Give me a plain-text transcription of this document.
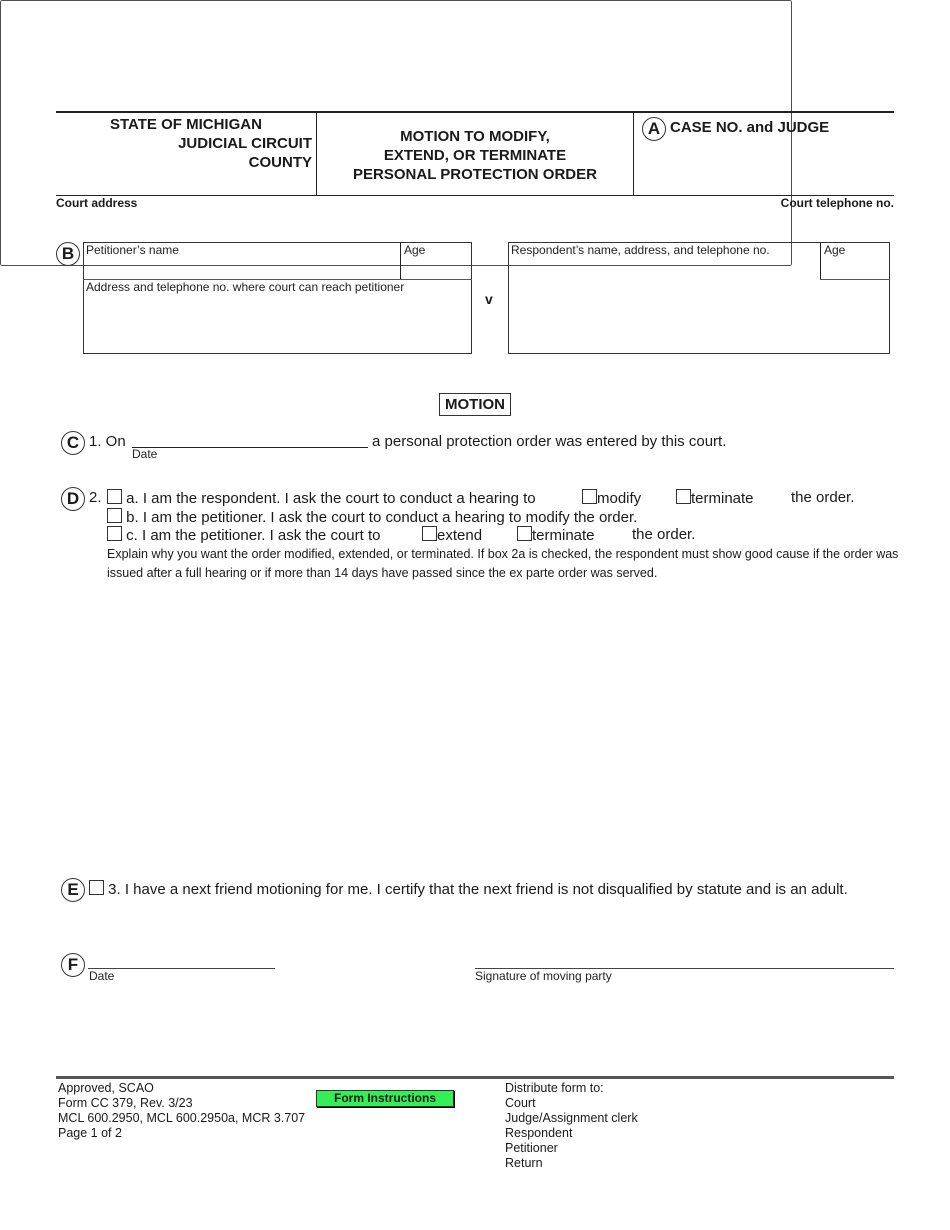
STATE OF MICHIGAN
JUDICIAL CIRCUIT
COUNTY
MOTION TO MODIFY,
EXTEND, OR TERMINATE
PERSONAL PROTECTION ORDER
A CASE NO. and JUDGE
Court address	Court telephone no.
B Petitioner’s name	Age
Address and telephone no. where court can reach petitioner
v
Respondent’s name, address, and telephone no.	Age
MOTION
C 1. On
Date
a personal protection order was entered by this court.
D 2.	a. I am the respondent. I ask the court to conduct a hearing to	modify	terminate the order.
b. I am the petitioner. I ask the court to conduct a hearing to modify the order.
c. I am the petitioner. I ask the court to	extend	terminate the order.
Explain why you want the order modified, extended, or terminated. If box 2a is checked, the respondent must show good cause if the order was
issued after a full hearing or if more than 14 days have passed since the ex parte order was served.
E	3. I have a next friend motioning for me. I certify that the next friend is not disqualified by statute and is an adult.
F
Date	Signature of moving party
Approved, SCAO
Form CC 379, Rev. 3/23
MCL 600.2950, MCL 600.2950a, MCR 3.707
Page 1 of 2
Form Instructions
Distribute form to:
Court
Judge/Assignment clerk
Respondent
Petitioner
Return
